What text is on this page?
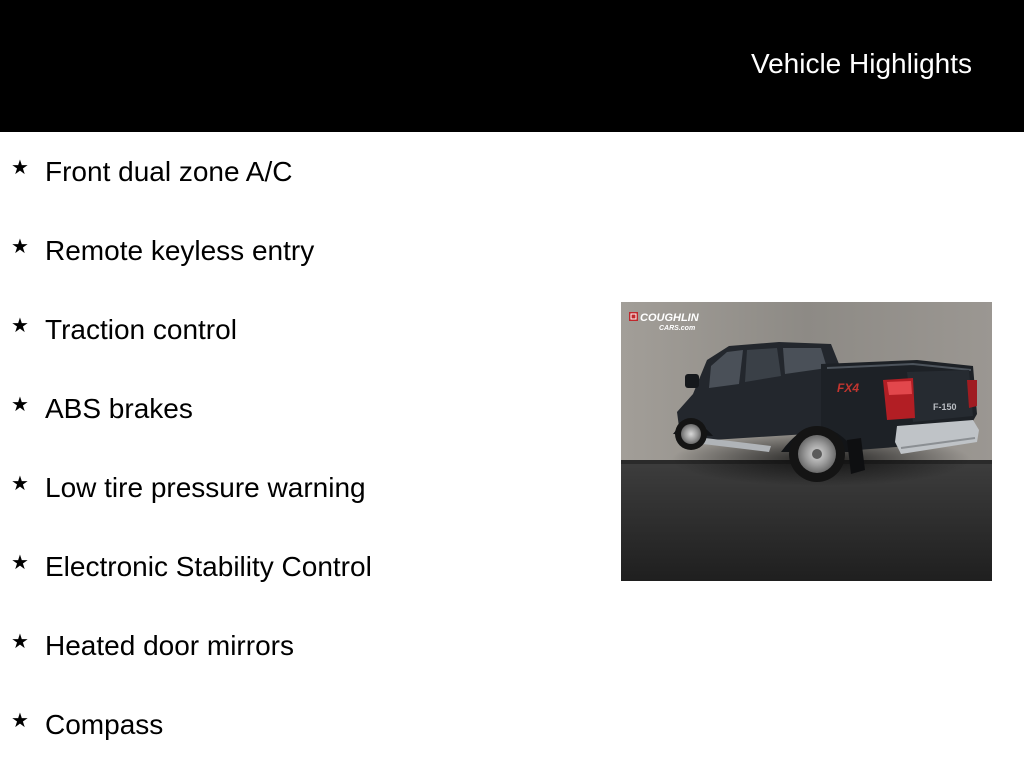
Vehicle Highlights
★ Front dual zone A/C
★ Remote keyless entry
★ Traction control
★ ABS brakes
★ Low tire pressure warning
★ Electronic Stability Control
★ Heated door mirrors
★ Compass
COUGHLIN
CARS.com
F-150
FX4
